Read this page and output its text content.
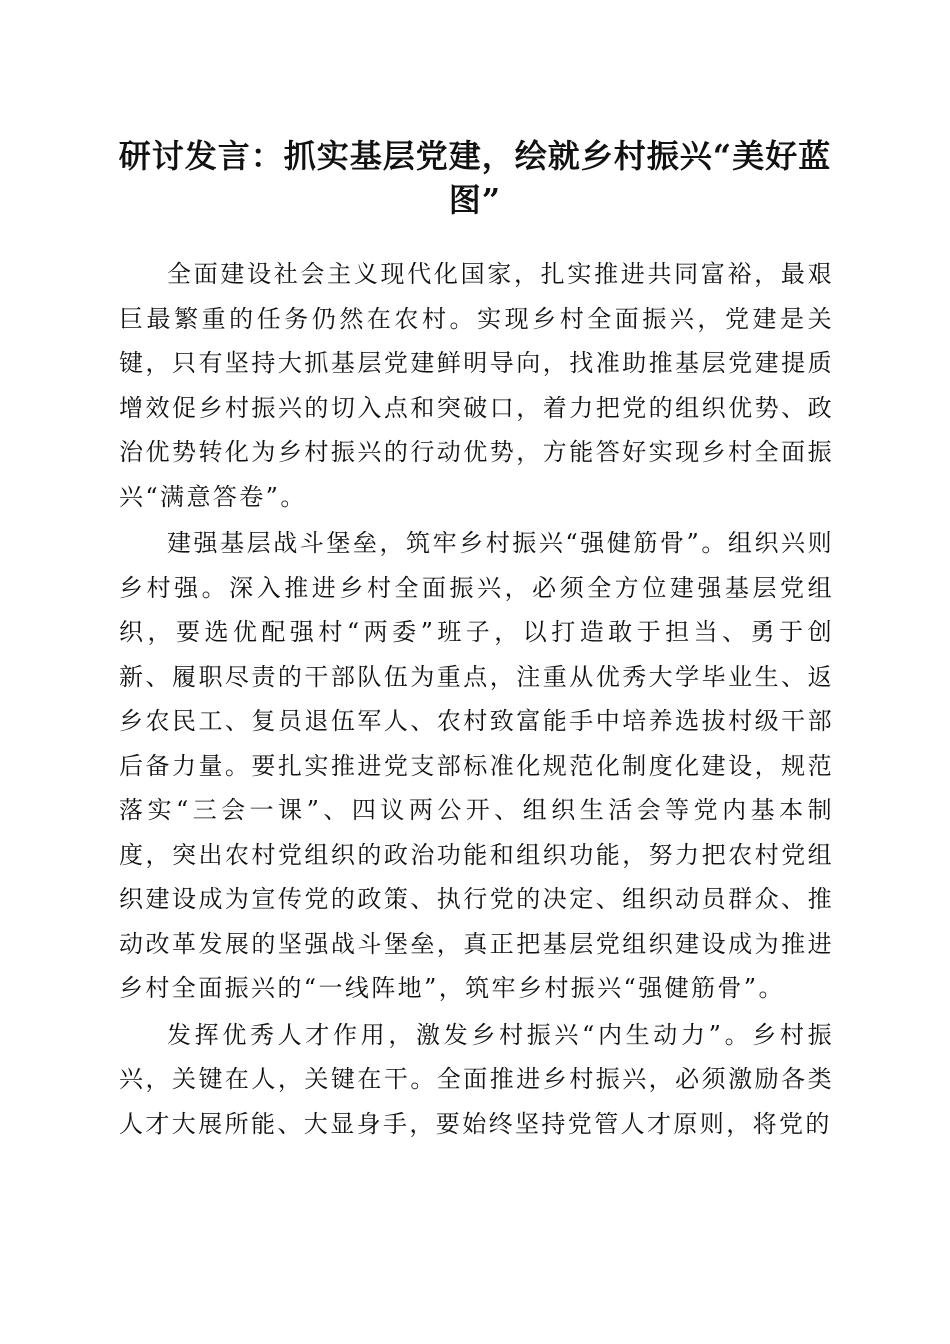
研讨发言：抓实基层党建，绘就乡村振兴“美好蓝图”

全面建设社会主义现代化国家，扎实推进共同富裕，最艰巨最繁重的任务仍然在农村。实现乡村全面振兴，党建是关键，只有坚持大抓基层党建鲜明导向，找准助推基层党建提质增效促乡村振兴的切入点和突破口，着力把党的组织优势、政治优势转化为乡村振兴的行动优势，方能答好实现乡村全面振兴“满意答卷”。

建强基层战斗堡垒，筑牢乡村振兴“强健筋骨”。组织兴则乡村强。深入推进乡村全面振兴，必须全方位建强基层党组织，要选优配强村“两委”班子，以打造敢于担当、勇于创新、履职尽责的干部队伍为重点，注重从优秀大学毕业生、返乡农民工、复员退伍军人、农村致富能手中培养选拔村级干部后备力量。要扎实推进党支部标准化规范化制度化建设，规范落实“三会一课”、四议两公开、组织生活会等党内基本制度，突出农村党组织的政治功能和组织功能，努力把农村党组织建设成为宣传党的政策、执行党的决定、组织动员群众、推动改革发展的坚强战斗堡垒，真正把基层党组织建设成为推进乡村全面振兴的“一线阵地”，筑牢乡村振兴“强健筋骨”。

发挥优秀人才作用，激发乡村振兴“内生动力”。乡村振兴，关键在人，关键在干。全面推进乡村振兴，必须激励各类人才大展所能、大显身手，要始终坚持党管人才原则，将党的
